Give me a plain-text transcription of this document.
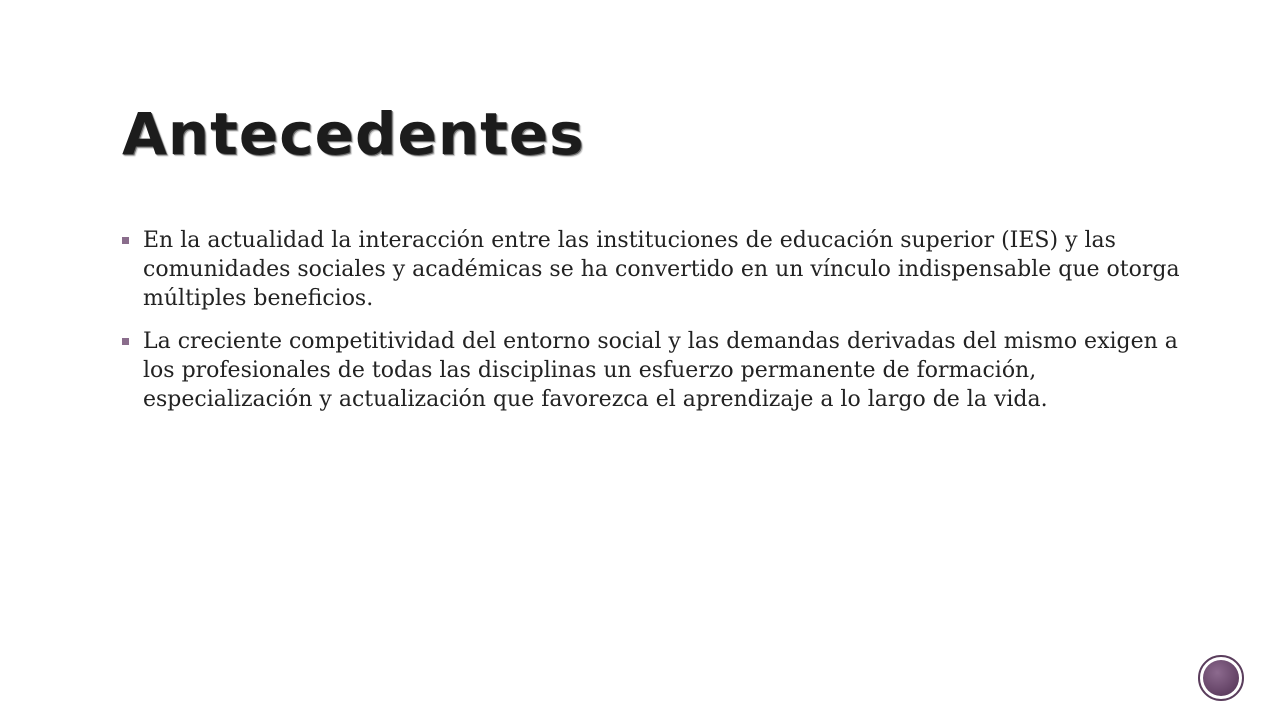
Antecedentes
En la actualidad la interacción entre las instituciones de educación superior (IES) y las comunidades sociales y académicas se ha convertido en un vínculo indispensable que otorga múltiples beneficios.
La creciente competitividad del entorno social y las demandas derivadas del mismo exigen a los profesionales de todas las disciplinas un esfuerzo permanente de formación, especialización y actualización que favorezca el aprendizaje a lo largo de la vida.
